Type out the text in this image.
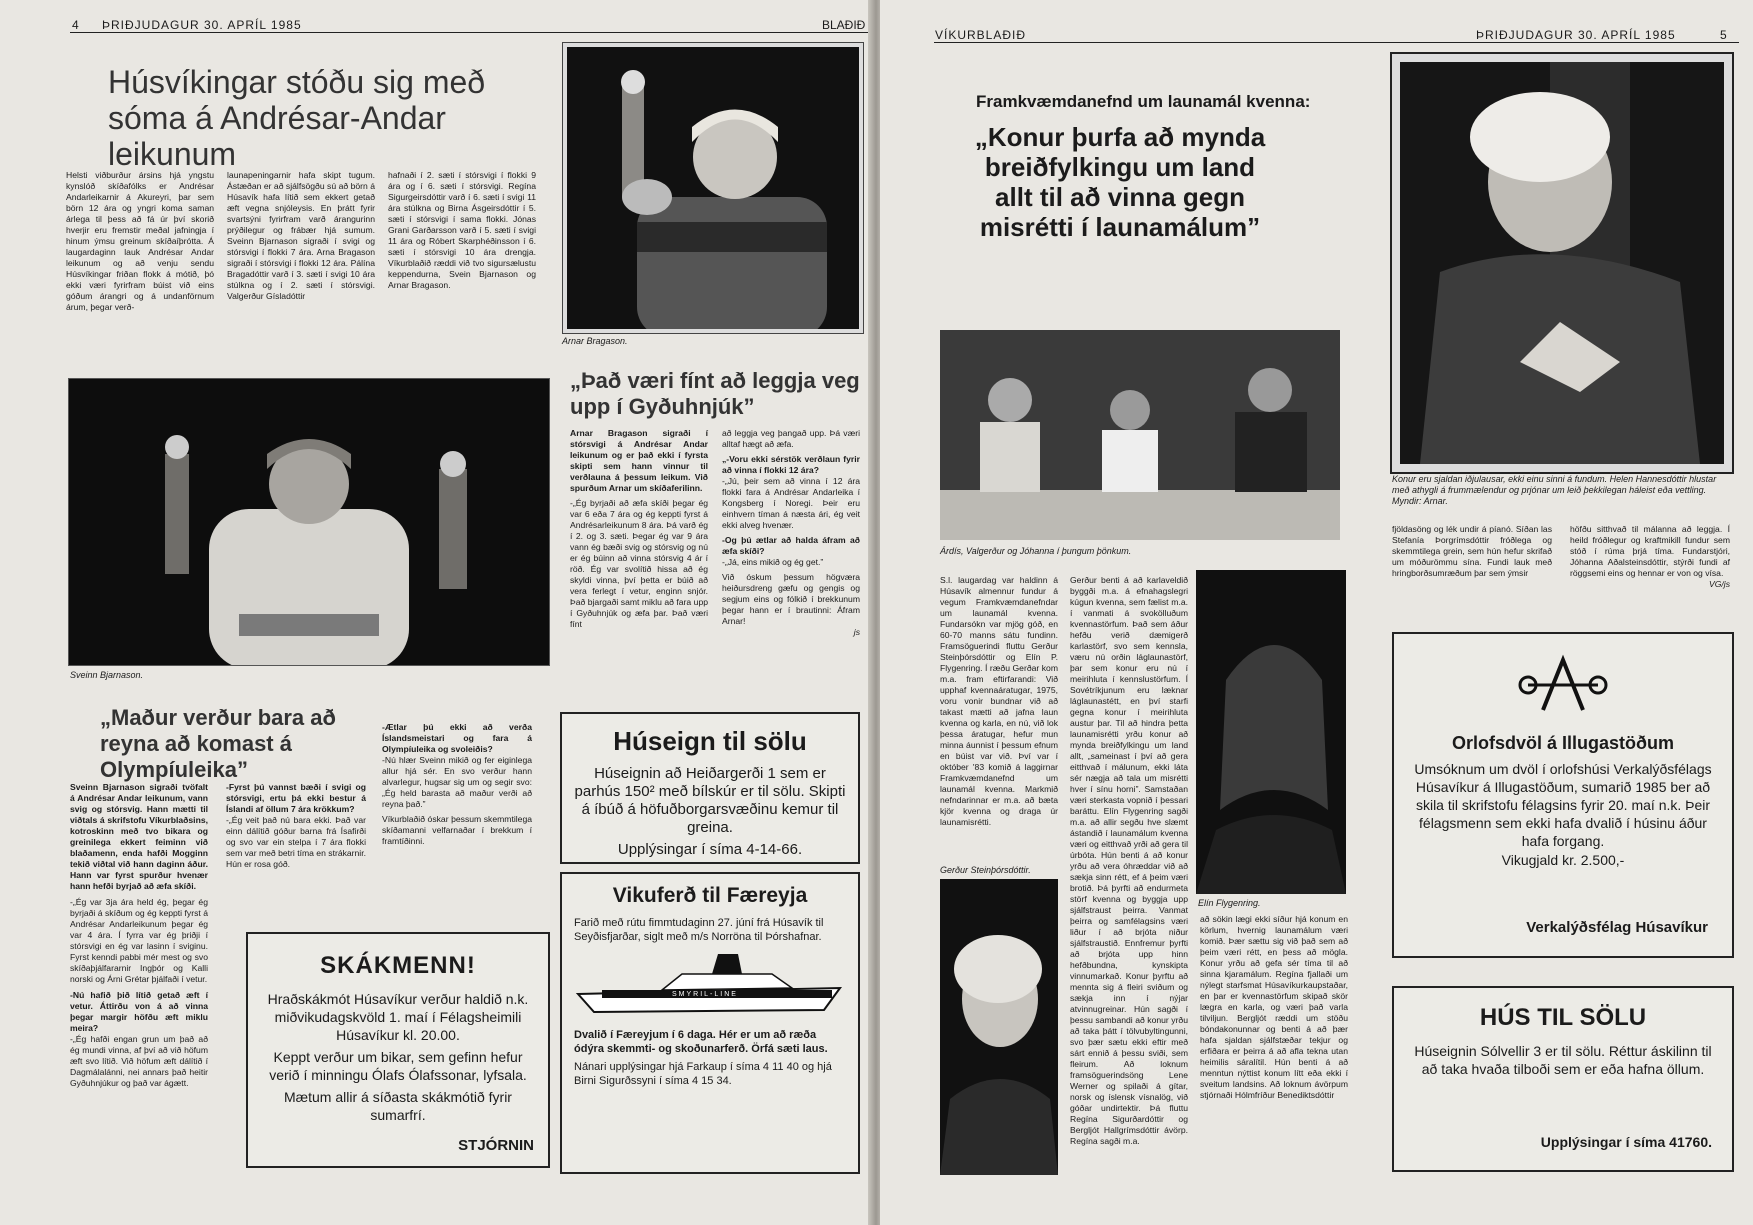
4 ÞRIÐJUDAGUR 30. APRÍL 1985	BLAÐIÐ
Húsvíkingar stóðu sig með sóma á Andrésar-Andar leikunum

Helsti viðburður ársins hjá yngstu kynslóð skíðafólks er Andrésar Andarleikarnir á Akureyri, þar sem börn 12 ára og yngri koma saman árlega til þess að fá úr því skorið hverjir eru fremstir meðal jafningja í hinum ýmsu greinum skíðaíþrótta. Á laugardaginn lauk Andrésar Andar leikunum og að venju sendu Húsvíkingar friðan flokk á mótið, þó ekki væri fyrirfram búist við eins góðum árangri og á undanförnum árum, þegar verð-

launapeningarnir hafa skipt tugum. Ástæðan er að sjálfsögðu sú að börn á Húsavík hafa lítið sem ekkert getað æft vegna snjóleysis. En þrátt fyrir svartsýni fyrirfram varð árangurinn prýðilegur og frábær hjá sumum. Sveinn Bjarnason sigraði í svigi og stórsvigi í flokki 7 ára. Arna Bragason sigraði í stórsvigi í flokki 12 ára. Pálína Bragadóttir varð í 3. sæti í svigi 10 ára stúlkna og í 2. sæti í stórsvigi. Valgerður Gísladóttir

hafnaði í 2. sæti í stórsvigi í flokki 9 ára og í 6. sæti í stórsvigi. Regína Sigurgeirsdóttir varð í 6. sæti í svigi 11 ára stúlkna og Birna Ásgeirsdóttir í 5. sæti í stórsvigi í sama flokki. Jónas Grani Garðarsson varð í 5. sæti í svigi 11 ára og Róbert Skarphéðinsson í 6. sæti í stórsvigi 10 ára drengja. Víkurblaðið ræddi við tvo sigursælustu keppendurna, Svein Bjarnason og Arnar Bragason.

Arnar Bragason.
Sveinn Bjarnason.
„Það væri fínt að leggja veg upp í Gyðuhnjúk”

Arnar Bragason sigraði í stórsvigi á Andrésar Andar leikunum og er það ekki í fyrsta skipti sem hann vinnur til verðlauna á þessum leikum. Við spurðum Arnar um skíðaferilinn.

-„Ég byrjaði að æfa skíði þegar ég var 6 eða 7 ára og ég keppti fyrst á Andrésarleikunum 8 ára. Þá varð ég í 2. og 3. sæti. Þegar ég var 9 ára vann ég bæði svig og stórsvig og nú er ég búinn að vinna stórsvig 4 ár í röð. Ég var svolítið hissa að ég skyldi vinna, því þetta er búið að vera ferlegt í vetur, enginn snjór. Það bjargaði samt miklu að fara upp í Gyðuhnjúk og æfa þar. Það væri fínt

að leggja veg þangað upp. Þá væri alltaf hægt að æfa.

„-Voru ekki sérstök verðlaun fyrir að vinna í flokki 12 ára?

-„Jú, þeir sem að vinna í 12 ára flokki fara á Andrésar Andarleika í Kongsberg í Noregi. Þeir eru einhvern tíman á næsta ári, ég veit ekki alveg hvenær.

-Og þú ætlar að halda áfram að æfa skíði?

-„Já, eins mikið og ég get.”

Við óskum þessum högværa heiðursdreng gæfu og gengis og segjum eins og fólkið í brekkunum þegar hann er í brautinni: Áfram Arnar!

js

„Maður verður bara að reyna að komast á Olympíuleika”

Sveinn Bjarnason sigraði tvöfalt á Andrésar Andar leikunum, vann svig og stórsvig. Hann mætti til viðtals á skrifstofu Víkurblaðsins, kotroskinn með tvo bikara og greinilega ekkert feiminn við blaðamenn, enda hafði Mogginn tekið viðtal við hann daginn áður. Hann var fyrst spurður hvenær hann hefði byrjað að æfa skíði.

-„Ég var 3ja ára held ég, þegar ég byrjaði á skíðum og ég keppti fyrst á Andrésar Andarleikunum þegar ég var 4 ára. Í fyrra var ég þriðji í stórsvigi en ég var lasinn í sviginu. Fyrst kenndi pabbi mér mest og svo skíðaþjálfararnir Ingþór og Kalli norski og Árni Grétar þjálfaði í vetur.

-Nú hafið þið lítið getað æft í vetur. Áttirðu von á að vinna þegar margir höfðu æft miklu meira?

-„Ég hafði engan grun um það að ég mundi vinna, af því að við höfum æft svo lítið. Við höfum æft dálítið í Dagmálalánni, nei annars það heitir Gyðuhnjúkur og það var ágætt.

-Fyrst þú vannst bæði í svigi og stórsvigi, ertu þá ekki bestur á Íslandi af öllum 7 ára krökkum?

-„Ég veit það nú bara ekki. Það var einn dálítið góður barna frá Ísafirði og svo var ein stelpa í 7 ára flokki sem var með betri tíma en strákarnir. Hún er rosa góð.

-Ætlar þú ekki að verða Íslandsmeistari og fara á Olympíuleika og svoleiðis?

-Nú hlær Sveinn mikið og fer eiginlega allur hjá sér. En svo verður hann alvarlegur, hugsar sig um og segir svo: „Ég held barasta að maður verði að reyna það.”

Víkurblaðið óskar þessum skemmtilega skíðamanni velfarnaðar í brekkum í framtíðinni.

Húseign til sölu

Húseignin að Heiðargerði 1 sem er parhús 150² með bílskúr er til sölu. Skipti á íbúð á höfuðborgarsvæðinu kemur til greina.

Upplýsingar í síma 4-14-66.

SKÁKMENN!

Hraðskákmót Húsavíkur verður haldið n.k. miðvikudagskvöld 1. maí í Félagsheimili Húsavíkur kl. 20.00.

Keppt verður um bikar, sem gefinn hefur verið í minningu Ólafs Ólafssonar, lyfsala.

Mætum allir á síðasta skákmótið fyrir sumarfrí.

STJÓRNIN

Vikuferð til Færeyja

Farið með rútu fimmtudaginn 27. júní frá Húsavík til Seyðisfjarðar, siglt með m/s Norröna til Þórshafnar.

SMYRIL-LINE

Dvalið í Færeyjum í 6 daga. Hér er um að ræða ódýra skemmti- og skoðunarferð. Örfá sæti laus.

Nánari upplýsingar hjá Farkaup í síma 4 11 40 og hjá Birni Sigurðssyni í síma 4 15 34.

VÍKURBLAÐIÐ	ÞRIÐJUDAGUR 30. APRÍL 1985	5
Framkvæmdanefnd um launamál kvenna:
„Konur þurfa að mynda breiðfylkingu um land allt til að vinna gegn misrétti í launamálum”
Árdís, Valgerður og Jóhanna í þungum þönkum.
Konur eru sjaldan iðjulausar, ekki einu sinni á fundum. Helen Hannesdóttir hlustar með athygli á frummælendur og prjónar um leið þekkilegan háleist eða vettling. Myndir: Arnar.

S.l. laugardag var haldinn á Húsavík almennur fundur á vegum Framkvæmdanefndar um launamál kvenna. Fundarsókn var mjög góð, en 60-70 manns sátu fundinn. Framsöguerindi fluttu Gerður Steinþórsdóttir og Elín P. Flygenring. Í ræðu Gerðar kom m.a. fram eftirfarandi: Við upphaf kvennaáratugar, 1975, voru vonir bundnar við að takast mætti að jafna laun kvenna og karla, en nú, við lok þessa áratugar, hefur mun minna áunnist í þessum efnum en búist var við. Því var í október '83 komið á laggirnar Framkvæmdanefnd um launamál kvenna. Markmið nefndarinnar er m.a. að bæta kjör kvenna og draga úr launamisrétti.

Gerður Steinþórsdóttir.

Gerður benti á að karlaveldið byggði m.a. á efnahagslegri kúgun kvenna, sem fælist m.a. í vanmati á svokölluðum kvennastörfum. Það sem áður hefðu verið dæmigerð karlastörf, svo sem kennsla, væru nú orðin láglaunastörf, þar sem konur eru nú í meirihluta í kennslustörfum. Í Sovétríkjunum eru læknar láglaunastétt, en því starfi gegna konur í meirihluta austur þar. Til að hindra þetta launamisrétti yrðu konur að mynda breiðfylkingu um land allt, „sameinast í því að gera eitthvað í málunum, ekki láta sér nægja að tala um misrétti hver í sínu horni”. Samstaðan væri sterkasta vopnið í þessari baráttu. Elín Flygenring sagði m.a. að allir segðu hve slæmt ástandið í launamálum kvenna væri og eitthvað yrði að gera til úrbóta. Hún benti á að konur yrðu að vera óhræddar við að sækja sinn rétt, ef á þeim væri brotið. Þá þyrfti að endurmeta störf kvenna og byggja upp sjálfstraust þeirra. Vanmat þeirra og samfélagsins væri liður í að brjóta niður sjálfstraustið. Ennfremur þyrfti að brjóta upp hinn hefðbundna, kynskipta vinnumarkað. Konur þyrftu að mennta sig á fleiri sviðum og sækja inn í nýjar atvinnugreinar. Hún sagði í þessu sambandi að konur yrðu að taka þátt í tölvubyltingunni, svo þær sætu ekki eftir með sárt ennið á þessu sviði, sem fleirum. Að loknum framsöguerindsöng Lene Werner og spilaði á gítar, norsk og íslensk vísnalög, við góðar undirtektir. Þá fluttu Regína Sigurðardóttir og Bergljót Hallgrímsdóttir ávörp. Regína sagði m.a.

Elín Flygenring.

að sökin lægi ekki síður hjá konum en körlum, hvernig launamálum væri komið. Þær sættu sig við það sem að þeim væri rétt, en þess að mögla. Konur yrðu að gefa sér tíma til að sinna kjaramálum. Regína fjallaði um nýlegt starfsmat Húsavíkurkaupstaðar, en þar er kvennastörfum skipað skör lægra en karla, og væri það varla tilviljun. Bergljót ræddi um stöðu bóndakonunnar og benti á að þær hafa sjaldan sjálfstæðar tekjur og erfiðara er þeirra á að afla tekna utan heimilis sáralítil. Hún benti á að menntun nýttist konum lítt eða ekki í sveitum landsins. Að loknum ávörpum stjórnaði Hólmfríður Benediktsdóttir

fjöldasöng og lék undir á píanó. Síðan las Stefanía Þorgrímsdóttir fróðlega og skemmtilega grein, sem hún hefur skrifað um móðurömmu sína. Fundi lauk með hringborðsumræðum þar sem ýmsir

höfðu sitthvað til málanna að leggja. Í heild fróðlegur og kraftmikill fundur sem stóð í rúma þrjá tíma. Fundarstjóri, Jóhanna Aðalsteinsdóttir, stýrði fundi af röggsemi eins og hennar er von og vísa.

VG/js

Orlofsdvöl á Illugastöðum

Umsóknum um dvöl í orlofshúsi Verkalýðsfélags Húsavíkur á Illugastöðum, sumarið 1985 ber að skila til skrifstofu félagsins fyrir 20. maí n.k. Þeir félagsmenn sem ekki hafa dvalið í húsinu áður hafa forgang.

Vikugjald kr. 2.500,-

Verkalýðsfélag Húsavíkur

HÚS TIL SÖLU

Húseignin Sólvellir 3 er til sölu. Réttur áskilinn til að taka hvaða tilboði sem er eða hafna öllum.

Upplýsingar í síma 41760.
